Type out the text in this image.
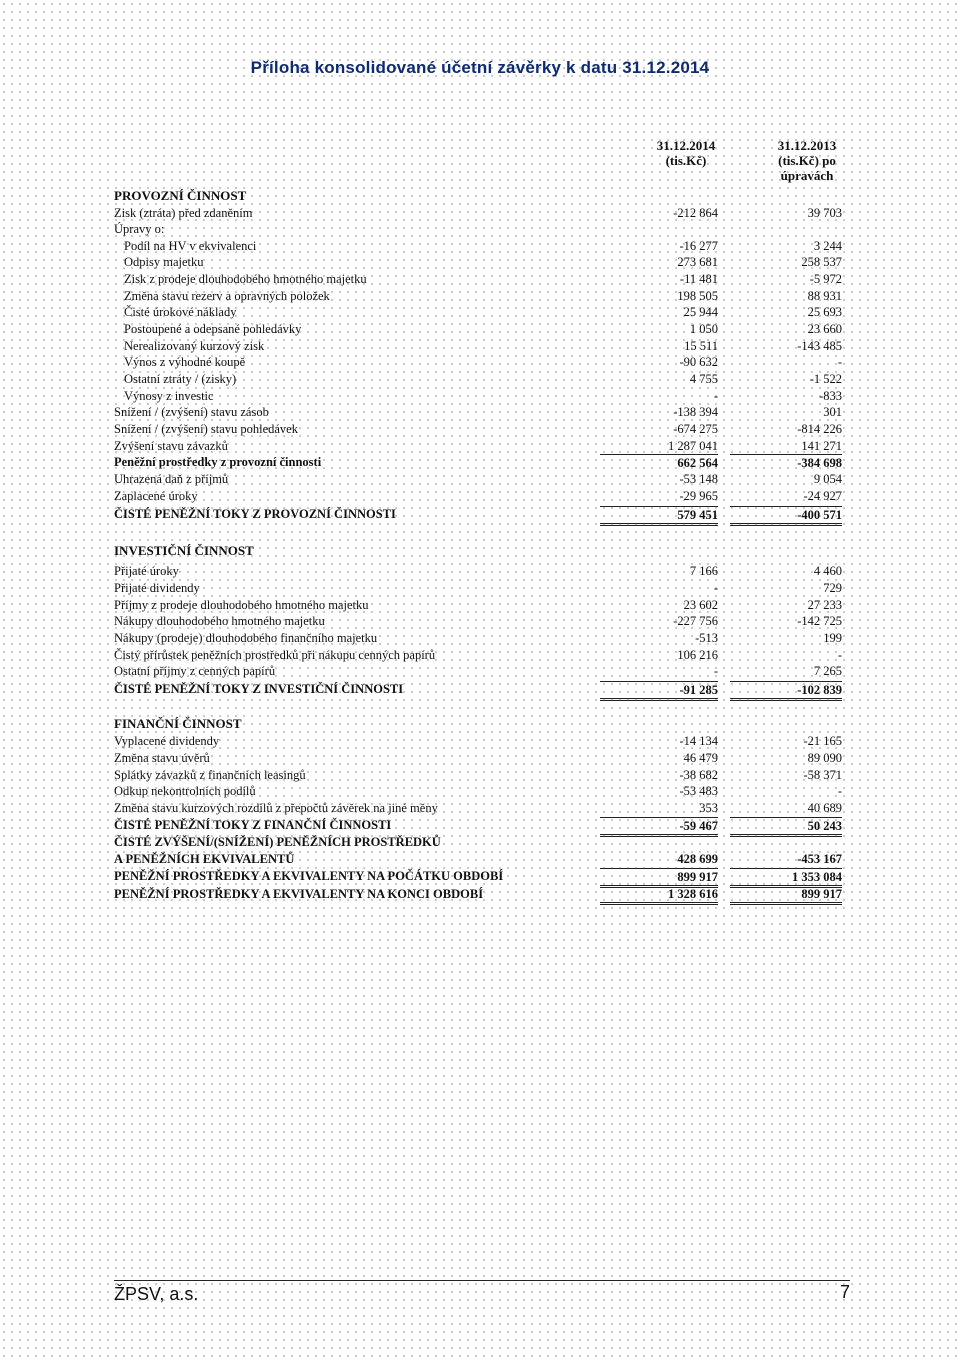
Příloha konsolidované účetní závěrky k datu 31.12.2014
31.12.2014
(tis.Kč)
31.12.2013
(tis.Kč) po
úpravách
PROVOZNÍ ČINNOST
Zisk (ztráta) před zdaněním	-212 864	39 703
Úpravy o:
Podíl na HV v ekvivalenci	-16 277	3 244
Odpisy majetku	273 681	258 537
Zisk z prodeje dlouhodobého hmotného majetku	-11 481	-5 972
Změna stavu rezerv a opravných položek	198 505	88 931
Čisté úrokové náklady	25 944	25 693
Postoupené a odepsané pohledávky	1 050	23 660
Nerealizovaný kurzový zisk	15 511	-143 485
Výnos z výhodné koupě	-90 632	-
Ostatní ztráty / (zisky)	4 755	-1 522
Výnosy z investic	-	-833
Snížení / (zvýšení) stavu zásob	-138 394	301
Snížení / (zvýšení) stavu pohledávek	-674 275	-814 226
Zvýšení stavu závazků	1 287 041	141 271
Peněžní prostředky z provozní činnosti	662 564	-384 698
Uhrazená daň z příjmů	-53 148	9 054
Zaplacené úroky	-29 965	-24 927
ČISTÉ PENĚŽNÍ TOKY Z PROVOZNÍ ČINNOSTI	579 451	-400 571
INVESTIČNÍ ČINNOST
Přijaté úroky	7 166	4 460
Přijaté dividendy	-	729
Příjmy z prodeje dlouhodobého hmotného majetku	23 602	27 233
Nákupy dlouhodobého hmotného majetku	-227 756	-142 725
Nákupy (prodeje) dlouhodobého finančního majetku	-513	199
Čistý přírůstek peněžních prostředků při nákupu cenných papírů	106 216	-
Ostatní příjmy z cenných papírů	-	7 265
ČISTÉ PENĚŽNÍ TOKY Z INVESTIČNÍ ČINNOSTI	-91 285	-102 839
FINANČNÍ ČINNOST
Vyplacené dividendy	-14 134	-21 165
Změna stavu úvěrů	46 479	89 090
Splátky závazků z finančních leasingů	-38 682	-58 371
Odkup nekontrolních podílů	-53 483	-
Změna stavu kurzových rozdílů z přepočtů závěrek na jiné měny	353	40 689
ČISTÉ PENĚŽNÍ TOKY Z FINANČNÍ ČINNOSTI	-59 467	50 243
ČISTÉ ZVÝŠENÍ/(SNÍŽENÍ) PENĚŽNÍCH PROSTŘEDKŮ
A PENĚŽNÍCH EKVIVALENTŮ	428 699	-453 167
PENĚŽNÍ PROSTŘEDKY A EKVIVALENTY NA POČÁTKU OBDOBÍ	899 917	1 353 084
PENĚŽNÍ PROSTŘEDKY A EKVIVALENTY NA KONCI OBDOBÍ	1 328 616	899 917
ŽPSV, a.s.	7
